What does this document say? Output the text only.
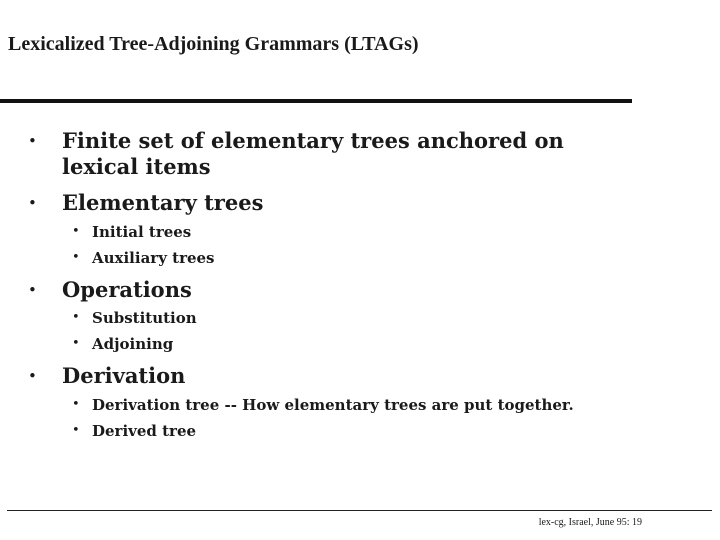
Lexicalized Tree-Adjoining Grammars (LTAGs)
• Finite set of elementary trees anchored on lexical items
• Elementary trees
• Initial trees
• Auxiliary trees
• Operations
• Substitution
• Adjoining
• Derivation
• Derivation tree -- How elementary trees are put together.
• Derived tree
lex-cg, Israel, June 95: 19
